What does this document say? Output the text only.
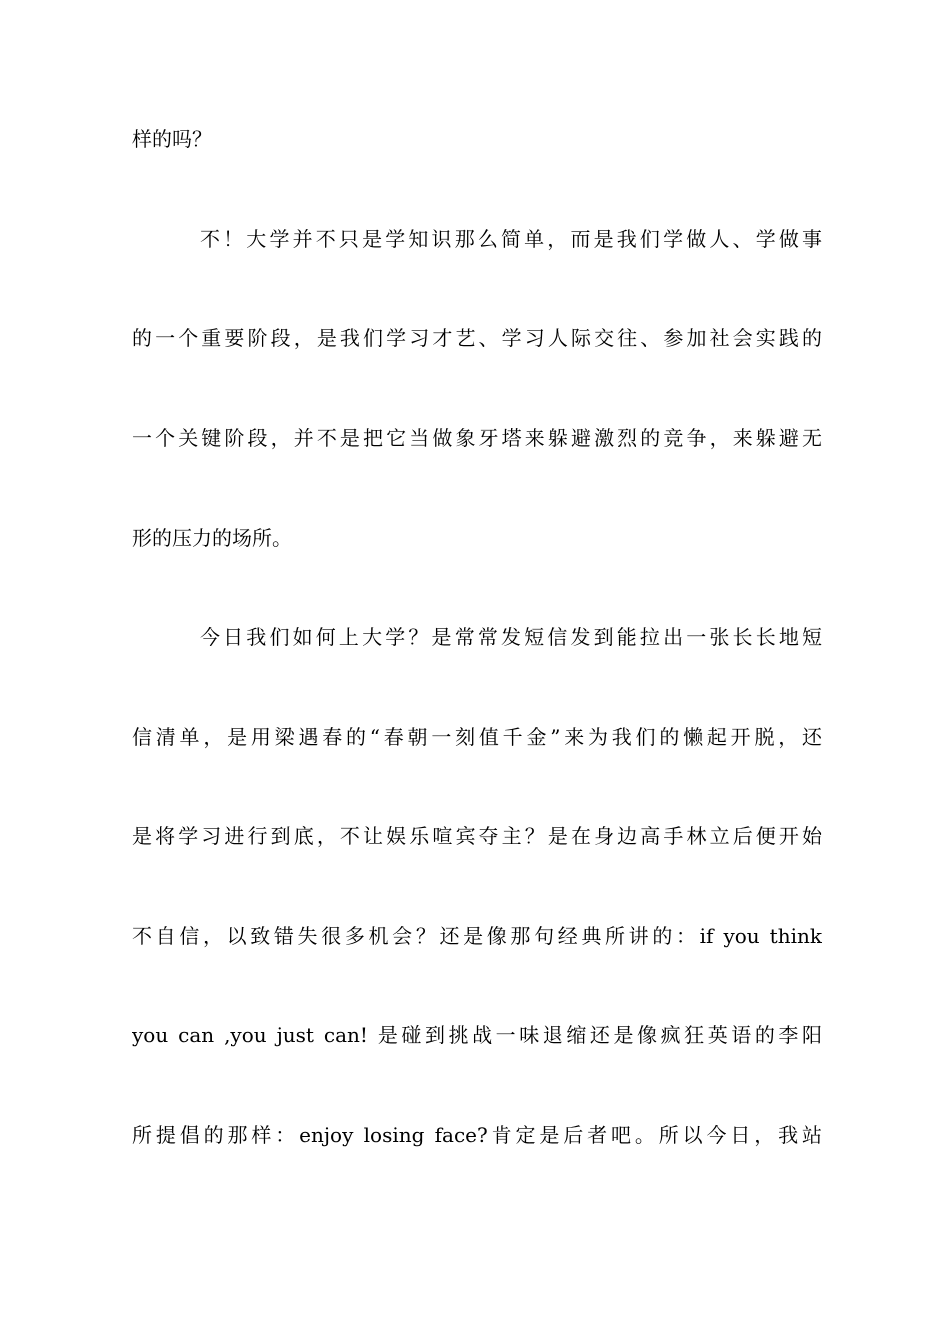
样的吗？
不！大学并不只是学知识那么简单，而是我们学做人、学做事
的一个重要阶段，是我们学习才艺、学习人际交往、参加社会实践的
一个关键阶段，并不是把它当做象牙塔来躲避激烈的竞争，来躲避无
形的压力的场所。
今日我们如何上大学？是常常发短信发到能拉出一张长长地短
信清单，是用梁遇春的“春朝一刻值千金”来为我们的懒起开脱，还
是将学习进行到底，不让娱乐喧宾夺主？是在身边高手林立后便开始
不自信，以致错失很多机会？还是像那句经典所讲的：if you think
you can ,you just can! 是碰到挑战一味退缩还是像疯狂英语的李阳
所提倡的那样：enjoy losing face?肯定是后者吧。所以今日，我站
